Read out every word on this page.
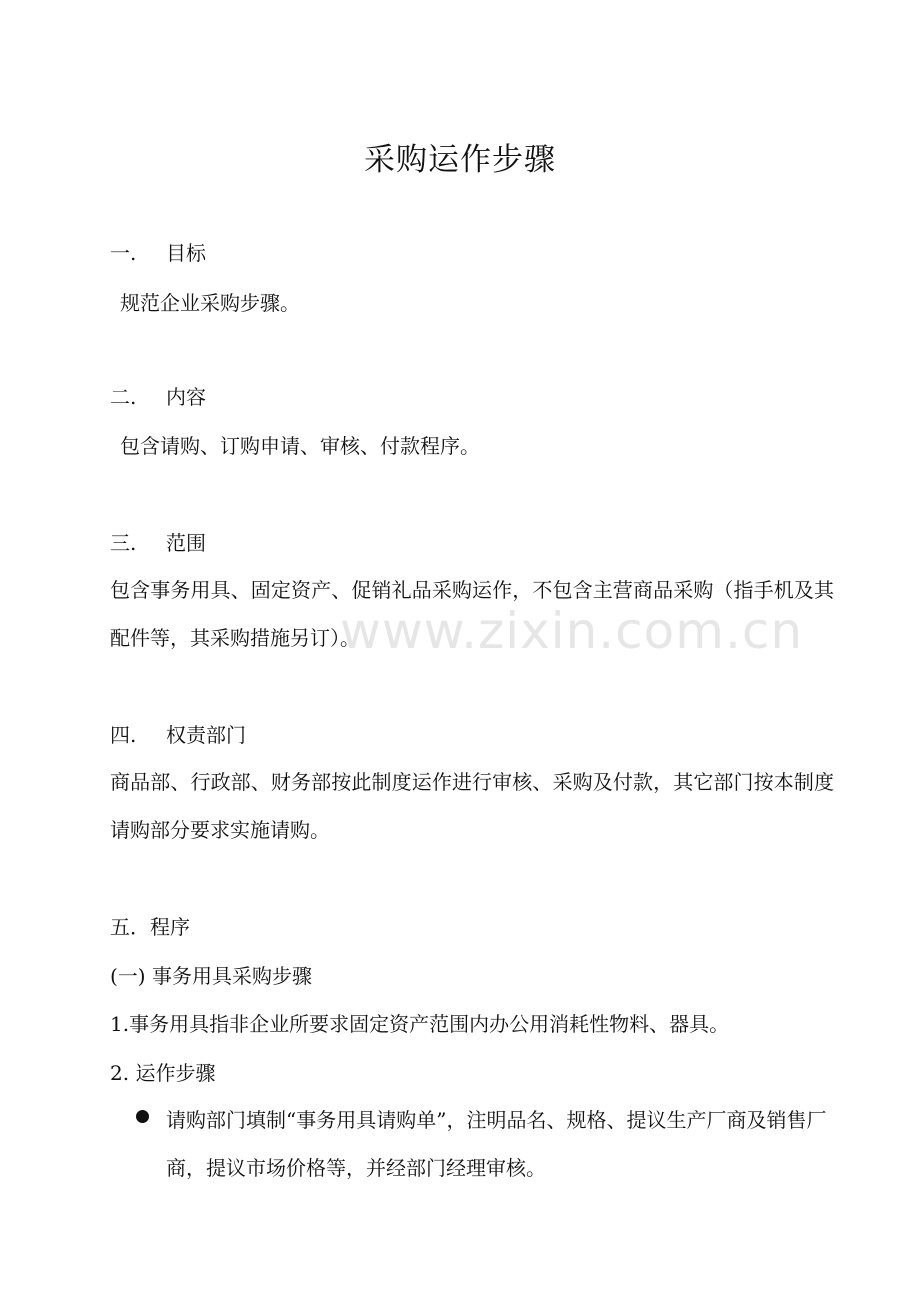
采购运作步骤
一. 目标
规范企业采购步骤。
二. 内容
包含请购、订购申请、审核、付款程序。
三. 范围
包含事务用具、固定资产、促销礼品采购运作，不包含主营商品采购（指手机及其配件等，其采购措施另订）。
四. 权责部门
商品部、行政部、财务部按此制度运作进行审核、采购及付款，其它部门按本制度请购部分要求实施请购。
五．程序
(一) 事务用具采购步骤
1.事务用具指非企业所要求固定资产范围内办公用消耗性物料、器具。
2. 运作步骤
请购部门填制“事务用具请购单”，注明品名、规格、提议生产厂商及销售厂商，提议市场价格等，并经部门经理审核。
www.zixin.com.cn
